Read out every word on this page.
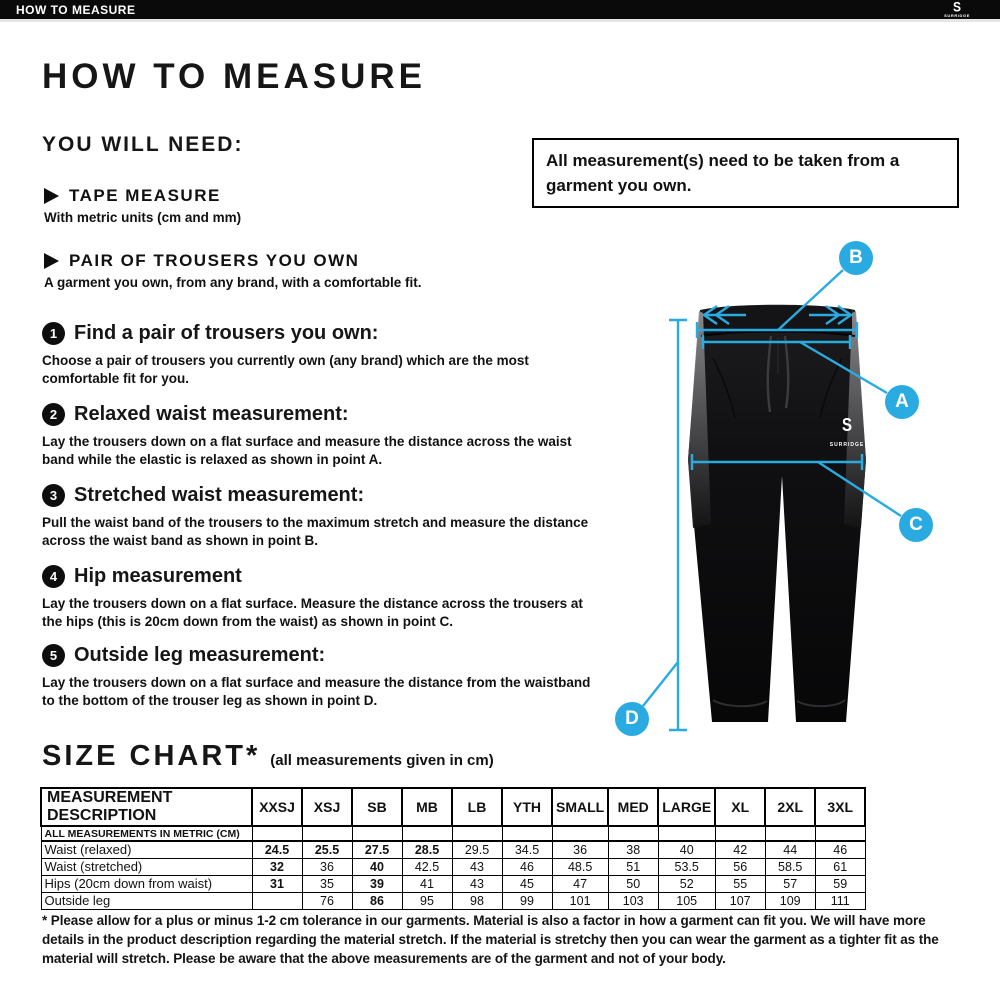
HOW TO MEASURE	S
SURRIDGE
HOW TO MEASURE
YOU WILL NEED:
All measurement(s) need to be taken from a garment you own.
TAPE MEASURE
With metric units (cm and mm)
PAIR OF TROUSERS YOU OWN
A garment you own, from any brand, with a comfortable fit.
1 Find a pair of trousers you own:
Choose a pair of trousers you currently own (any brand) which are the most comfortable fit for you.
2 Relaxed waist measurement:
Lay the trousers down on a flat surface and measure the distance across the waist band while the elastic is relaxed as shown in point A.
3 Stretched waist measurement:
Pull the waist band of the trousers to the maximum stretch and measure the distance across the waist band as shown in point B.
4 Hip measurement
Lay the trousers down on a flat surface. Measure the distance across the trousers at the hips (this is 20cm down from the waist) as shown in point C.
5 Outside leg measurement:
Lay the trousers down on a flat surface and measure the distance from the waistband to the bottom of the trouser leg as shown in point D.
S
SURRIDGE
A
B
C
D
SIZE CHART* (all measurements given in cm)
MEASUREMENT DESCRIPTION	XXSJ	XSJ	SB	MB	LB	YTH	SMALL	MED	LARGE	XL	2XL	3XL
ALL MEASUREMENTS IN METRIC (CM)												
Waist (relaxed)	24.5	25.5	27.5	28.5	29.5	34.5	36	38	40	42	44	46
Waist (stretched)	32	36	40	42.5	43	46	48.5	51	53.5	56	58.5	61
Hips (20cm down from waist)	31	35	39	41	43	45	47	50	52	55	57	59
Outside leg		76	86	95	98	99	101	103	105	107	109	111
* Please allow for a plus or minus 1-2 cm tolerance in our garments. Material is also a factor in how a garment can fit you. We will have more details in the product description regarding the material stretch. If the material is stretchy then you can wear the garment as a tighter fit as the material will stretch. Please be aware that the above measurements are of the garment and not of your body.
